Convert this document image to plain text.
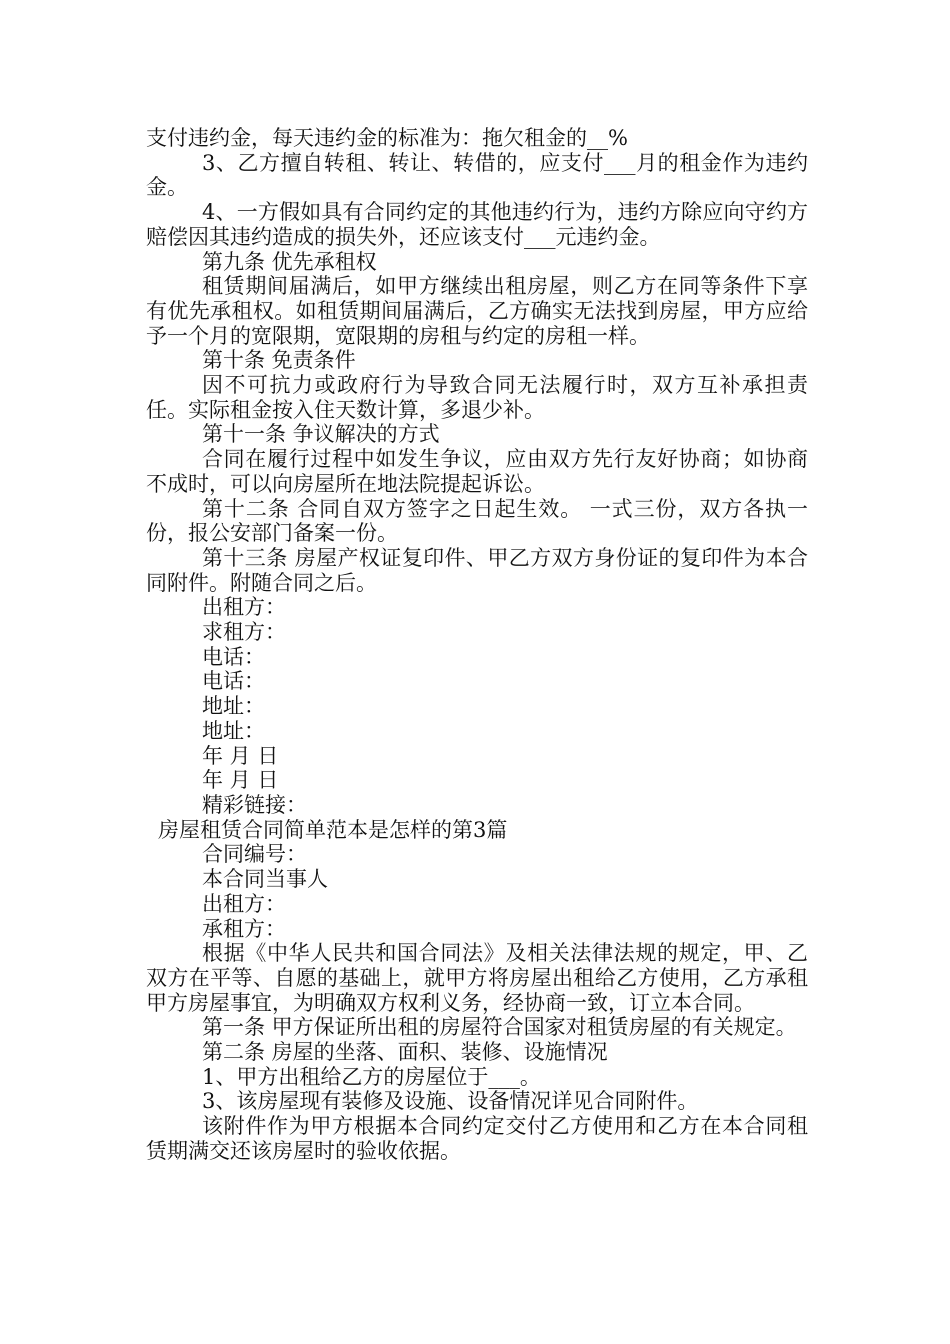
支付违约金，每天违约金的标准为：拖欠租金的__%

3、乙方擅自转租、转让、转借的，应支付___月的租金作为违约金。

4、一方假如具有合同约定的其他违约行为，违约方除应向守约方赔偿因其违约造成的损失外，还应该支付___元违约金。

第九条 优先承租权

租赁期间届满后，如甲方继续出租房屋，则乙方在同等条件下享有优先承租权。如租赁期间届满后，乙方确实无法找到房屋，甲方应给予一个月的宽限期，宽限期的房租与约定的房租一样。

第十条 免责条件

因不可抗力或政府行为导致合同无法履行时，双方互补承担责任。实际租金按入住天数计算，多退少补。

第十一条 争议解决的方式

合同在履行过程中如发生争议，应由双方先行友好协商；如协商不成时，可以向房屋所在地法院提起诉讼。

第十二条 合同自双方签字之日起生效。 一式三份，双方各执一份，报公安部门备案一份。

第十三条 房屋产权证复印件、甲乙方双方身份证的复印件为本合同附件。附随合同之后。

出租方：

求租方：

电话：

电话：

地址：

地址：

年 月 日

年 月 日

精彩链接：

房屋租赁合同简单范本是怎样的第3篇

合同编号：

本合同当事人

出租方：

承租方：

根据《中华人民共和国合同法》及相关法律法规的规定，甲、乙双方在平等、自愿的基础上，就甲方将房屋出租给乙方使用，乙方承租甲方房屋事宜，为明确双方权利义务，经协商一致，订立本合同。

第一条 甲方保证所出租的房屋符合国家对租赁房屋的有关规定。

第二条 房屋的坐落、面积、装修、设施情况

1、甲方出租给乙方的房屋位于___。

3、该房屋现有装修及设施、设备情况详见合同附件。

该附件作为甲方根据本合同约定交付乙方使用和乙方在本合同租赁期满交还该房屋时的验收依据。
